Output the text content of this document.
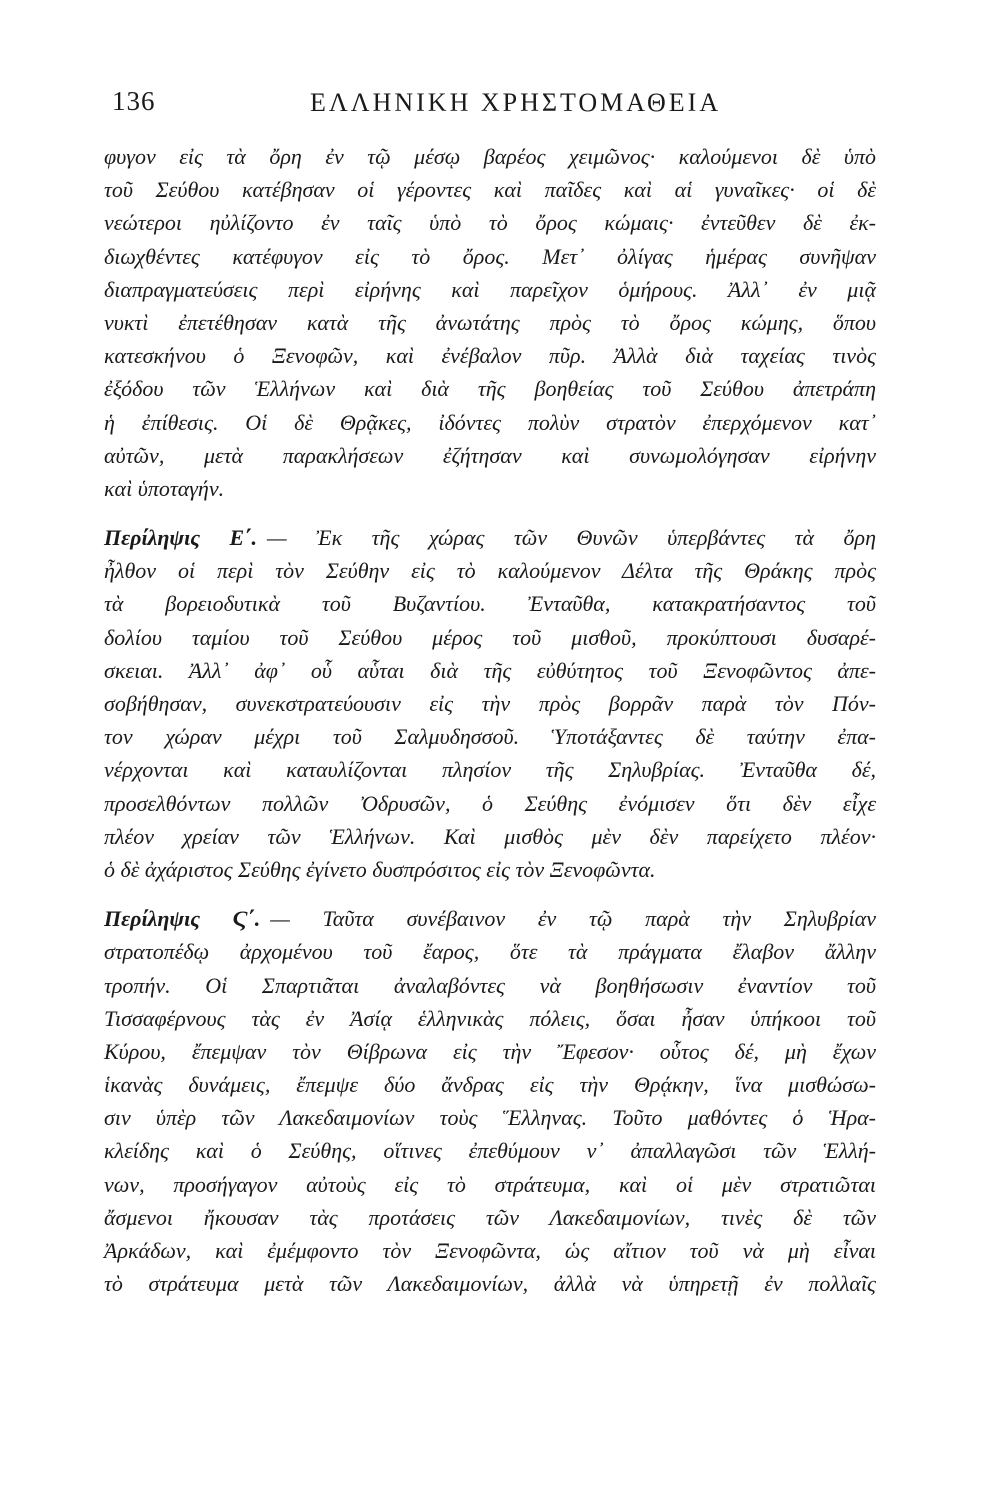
136	ΕΛΛΗΝΙΚΗ ΧΡΗΣΤΟΜΑΘΕΙΑ
φυγον εἰς τὰ ὄρη ἐν τῷ μέσῳ βαρέος χειμῶνος· καλούμενοι δὲ ὑπὸ
τοῦ Σεύθου κατέβησαν οἱ γέροντες καὶ παῖδες καὶ αἱ γυναῖκες· οἱ δὲ
νεώτεροι ηὐλίζοντο ἐν ταῖς ὑπὸ τὸ ὄρος κώμαις· ἐντεῦθεν δὲ ἐκ-
διωχθέντες κατέφυγον εἰς τὸ ὄρος. Μετ᾽ ὀλίγας ἡμέρας συνῆψαν
διαπραγματεύσεις περὶ εἰρήνης καὶ παρεῖχον ὁμήρους. Ἀλλ᾽ ἐν μιᾷ
νυκτὶ ἐπετέθησαν κατὰ τῆς ἀνωτάτης πρὸς τὸ ὄρος κώμης, ὅπου
κατεσκήνου ὁ Ξενοφῶν, καὶ ἐνέβαλον πῦρ. Ἀλλὰ διὰ ταχείας τινὸς
ἐξόδου τῶν Ἑλλήνων καὶ διὰ τῆς βοηθείας τοῦ Σεύθου ἀπετράπη
ἡ ἐπίθεσις. Οἱ δὲ Θρᾷκες, ἰδόντες πολὺν στρατὸν ἐπερχόμενον κατ᾽
αὐτῶν, μετὰ παρακλήσεων ἐζήτησαν καὶ συνωμολόγησαν εἰρήνην
καὶ ὑποταγήν.
Περίληψις Ε΄. — Ἐκ τῆς χώρας τῶν Θυνῶν ὑπερβάντες τὰ ὄρη
ἦλθον οἱ περὶ τὸν Σεύθην εἰς τὸ καλούμενον Δέλτα τῆς Θράκης πρὸς
τὰ βορειοδυτικὰ τοῦ Βυζαντίου. Ἐνταῦθα, κατακρατήσαντος τοῦ
δολίου ταμίου τοῦ Σεύθου μέρος τοῦ μισθοῦ, προκύπτουσι δυσαρέ-
σκειαι. Ἀλλ᾽ ἀφ᾽ οὗ αὗται διὰ τῆς εὐθύτητος τοῦ Ξενοφῶντος ἀπε-
σοβήθησαν, συνεκστρατεύουσιν εἰς τὴν πρὸς βορρᾶν παρὰ τὸν Πόν-
τον χώραν μέχρι τοῦ Σαλμυδησσοῦ. Ὑποτάξαντες δὲ ταύτην ἐπα-
νέρχονται καὶ καταυλίζονται πλησίον τῆς Σηλυβρίας. Ἐνταῦθα δέ,
προσελθόντων πολλῶν Ὀδρυσῶν, ὁ Σεύθης ἐνόμισεν ὅτι δὲν εἶχε
πλέον χρείαν τῶν Ἑλλήνων. Καὶ μισθὸς μὲν δὲν παρείχετο πλέον·
ὁ δὲ ἀχάριστος Σεύθης ἐγίνετο δυσπρόσιτος εἰς τὸν Ξενοφῶντα.
Περίληψις Ϛ΄. — Ταῦτα συνέβαινον ἐν τῷ παρὰ τὴν Σηλυβρίαν
στρατοπέδῳ ἀρχομένου τοῦ ἔαρος, ὅτε τὰ πράγματα ἔλαβον ἄλλην
τροπήν. Οἱ Σπαρτιᾶται ἀναλαβόντες νὰ βοηθήσωσιν ἐναντίον τοῦ
Τισσαφέρνους τὰς ἐν Ἀσίᾳ ἑλληνικὰς πόλεις, ὅσαι ἦσαν ὑπήκοοι τοῦ
Κύρου, ἔπεμψαν τὸν Θίβρωνα εἰς τὴν Ἔφεσον· οὗτος δέ, μὴ ἔχων
ἱκανὰς δυνάμεις, ἔπεμψε δύο ἄνδρας εἰς τὴν Θρᾴκην, ἵνα μισθώσω-
σιν ὑπὲρ τῶν Λακεδαιμονίων τοὺς Ἕλληνας. Τοῦτο μαθόντες ὁ Ἡρα-
κλείδης καὶ ὁ Σεύθης, οἵτινες ἐπεθύμουν ν᾽ ἀπαλλαγῶσι τῶν Ἑλλή-
νων, προσήγαγον αὐτοὺς εἰς τὸ στράτευμα, καὶ οἱ μὲν στρατιῶται
ἄσμενοι ἤκουσαν τὰς προτάσεις τῶν Λακεδαιμονίων, τινὲς δὲ τῶν
Ἀρκάδων, καὶ ἐμέμφοντο τὸν Ξενοφῶντα, ὡς αἴτιον τοῦ νὰ μὴ εἶναι
τὸ στράτευμα μετὰ τῶν Λακεδαιμονίων, ἀλλὰ νὰ ὑπηρετῇ ἐν πολλαῖς
